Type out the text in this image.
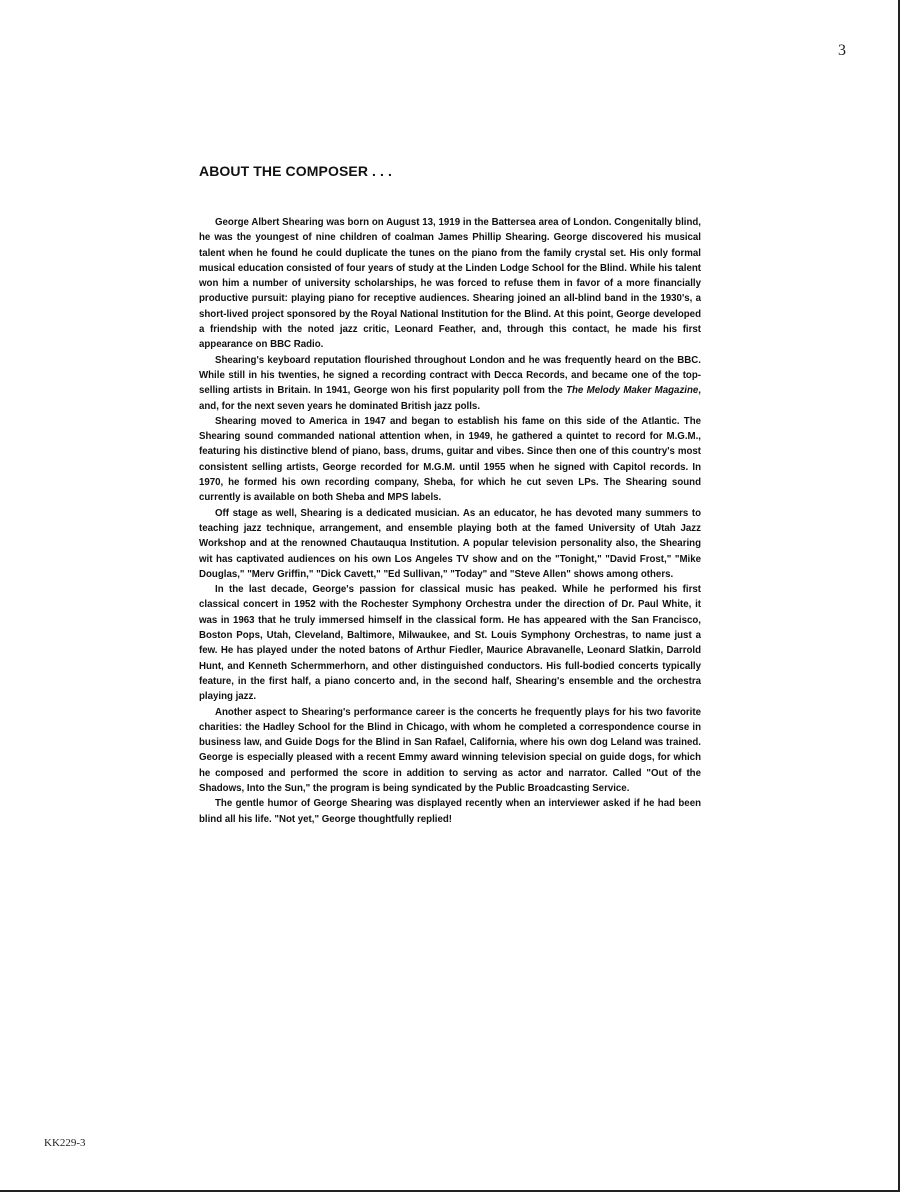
3
ABOUT THE COMPOSER . . .

George Albert Shearing was born on August 13, 1919 in the Battersea area of London. Congenitally blind, he was the youngest of nine children of coalman James Phillip Shearing. George discovered his musical talent when he found he could duplicate the tunes on the piano from the family crystal set. His only formal musical education consisted of four years of study at the Linden Lodge School for the Blind. While his talent won him a number of university scholarships, he was forced to refuse them in favor of a more financially productive pursuit: playing piano for receptive audiences. Shearing joined an all-blind band in the 1930's, a short-lived project sponsored by the Royal National Institution for the Blind. At this point, George developed a friendship with the noted jazz critic, Leonard Feather, and, through this contact, he made his first appearance on BBC Radio.

Shearing's keyboard reputation flourished throughout London and he was frequently heard on the BBC. While still in his twenties, he signed a recording contract with Decca Records, and became one of the top-selling artists in Britain. In 1941, George won his first popularity poll from the The Melody Maker Magazine, and, for the next seven years he dominated British jazz polls.

Shearing moved to America in 1947 and began to establish his fame on this side of the Atlantic. The Shearing sound commanded national attention when, in 1949, he gathered a quintet to record for M.G.M., featuring his distinctive blend of piano, bass, drums, guitar and vibes. Since then one of this country's most consistent selling artists, George recorded for M.G.M. until 1955 when he signed with Capitol records. In 1970, he formed his own recording company, Sheba, for which he cut seven LPs. The Shearing sound currently is available on both Sheba and MPS labels.

Off stage as well, Shearing is a dedicated musician. As an educator, he has devoted many summers to teaching jazz technique, arrangement, and ensemble playing both at the famed University of Utah Jazz Workshop and at the renowned Chautauqua Institution. A popular television personality also, the Shearing wit has captivated audiences on his own Los Angeles TV show and on the "Tonight," "David Frost," "Mike Douglas," "Merv Griffin," "Dick Cavett," "Ed Sullivan," "Today" and "Steve Allen" shows among others.

In the last decade, George's passion for classical music has peaked. While he performed his first classical concert in 1952 with the Rochester Symphony Orchestra under the direction of Dr. Paul White, it was in 1963 that he truly immersed himself in the classical form. He has appeared with the San Francisco, Boston Pops, Utah, Cleveland, Baltimore, Milwaukee, and St. Louis Symphony Orchestras, to name just a few. He has played under the noted batons of Arthur Fiedler, Maurice Abravanelle, Leonard Slatkin, Darrold Hunt, and Kenneth Schermmerhorn, and other distinguished conductors. His full-bodied concerts typically feature, in the first half, a piano concerto and, in the second half, Shearing's ensemble and the orchestra playing jazz.

Another aspect to Shearing's performance career is the concerts he frequently plays for his two favorite charities: the Hadley School for the Blind in Chicago, with whom he completed a correspondence course in business law, and Guide Dogs for the Blind in San Rafael, California, where his own dog Leland was trained. George is especially pleased with a recent Emmy award winning television special on guide dogs, for which he composed and performed the score in addition to serving as actor and narrator. Called "Out of the Shadows, Into the Sun," the program is being syndicated by the Public Broadcasting Service.

The gentle humor of George Shearing was displayed recently when an interviewer asked if he had been blind all his life. "Not yet," George thoughtfully replied!

KK229-3
